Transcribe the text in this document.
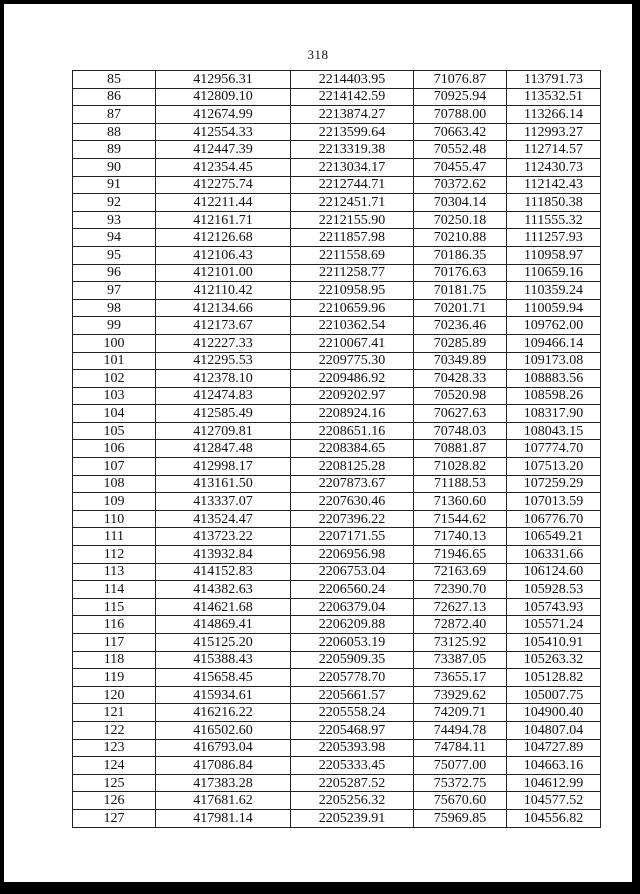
318
85	412956.31	2214403.95	71076.87	113791.73
86	412809.10	2214142.59	70925.94	113532.51
87	412674.99	2213874.27	70788.00	113266.14
88	412554.33	2213599.64	70663.42	112993.27
89	412447.39	2213319.38	70552.48	112714.57
90	412354.45	2213034.17	70455.47	112430.73
91	412275.74	2212744.71	70372.62	112142.43
92	412211.44	2212451.71	70304.14	111850.38
93	412161.71	2212155.90	70250.18	111555.32
94	412126.68	2211857.98	70210.88	111257.93
95	412106.43	2211558.69	70186.35	110958.97
96	412101.00	2211258.77	70176.63	110659.16
97	412110.42	2210958.95	70181.75	110359.24
98	412134.66	2210659.96	70201.71	110059.94
99	412173.67	2210362.54	70236.46	109762.00
100	412227.33	2210067.41	70285.89	109466.14
101	412295.53	2209775.30	70349.89	109173.08
102	412378.10	2209486.92	70428.33	108883.56
103	412474.83	2209202.97	70520.98	108598.26
104	412585.49	2208924.16	70627.63	108317.90
105	412709.81	2208651.16	70748.03	108043.15
106	412847.48	2208384.65	70881.87	107774.70
107	412998.17	2208125.28	71028.82	107513.20
108	413161.50	2207873.67	71188.53	107259.29
109	413337.07	2207630.46	71360.60	107013.59
110	413524.47	2207396.22	71544.62	106776.70
111	413723.22	2207171.55	71740.13	106549.21
112	413932.84	2206956.98	71946.65	106331.66
113	414152.83	2206753.04	72163.69	106124.60
114	414382.63	2206560.24	72390.70	105928.53
115	414621.68	2206379.04	72627.13	105743.93
116	414869.41	2206209.88	72872.40	105571.24
117	415125.20	2206053.19	73125.92	105410.91
118	415388.43	2205909.35	73387.05	105263.32
119	415658.45	2205778.70	73655.17	105128.82
120	415934.61	2205661.57	73929.62	105007.75
121	416216.22	2205558.24	74209.71	104900.40
122	416502.60	2205468.97	74494.78	104807.04
123	416793.04	2205393.98	74784.11	104727.89
124	417086.84	2205333.45	75077.00	104663.16
125	417383.28	2205287.52	75372.75	104612.99
126	417681.62	2205256.32	75670.60	104577.52
127	417981.14	2205239.91	75969.85	104556.82
